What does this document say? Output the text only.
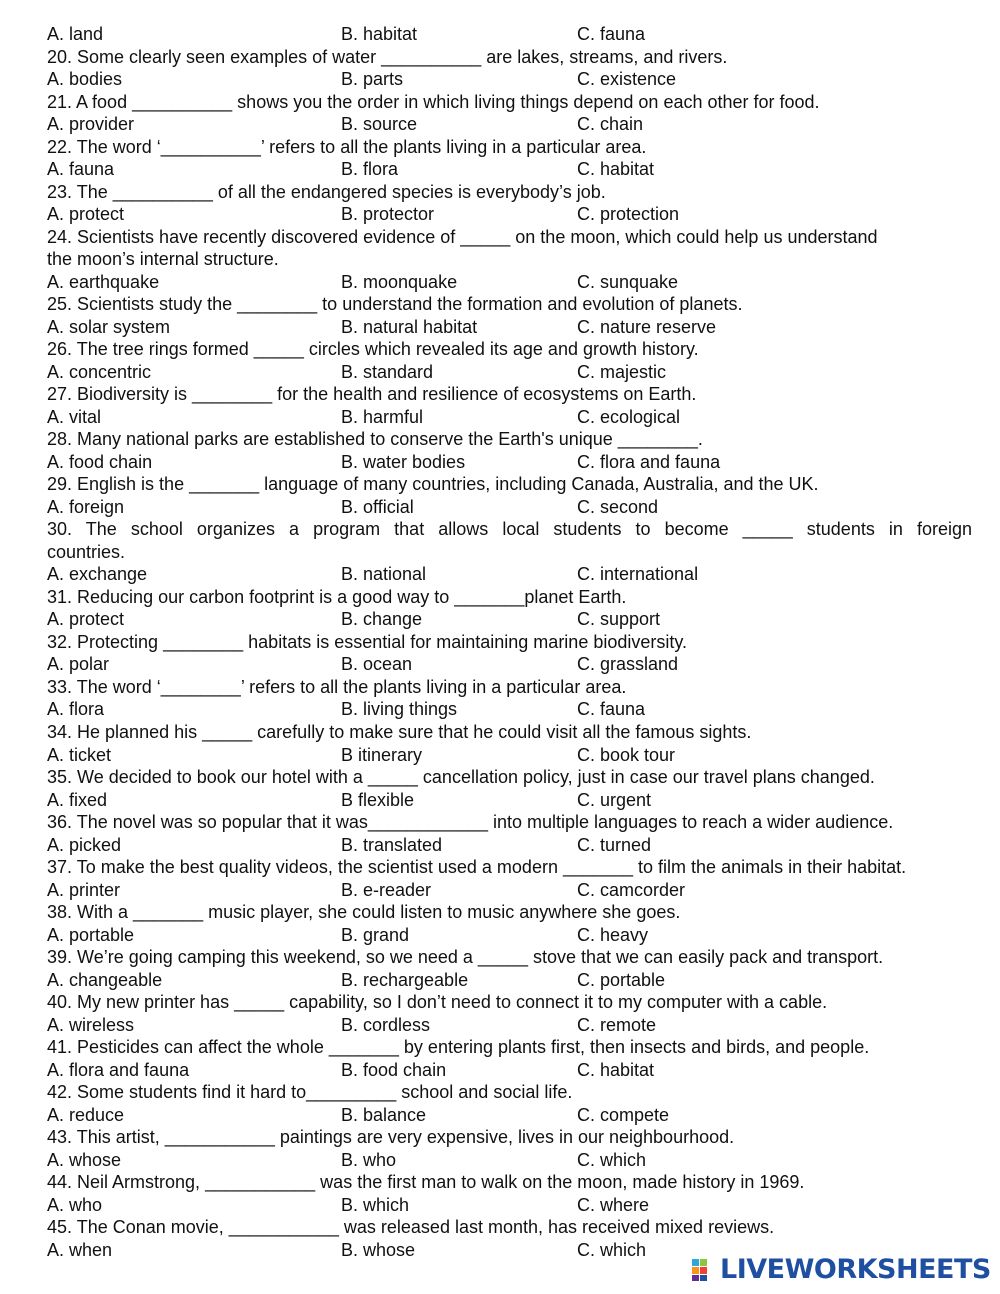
A. land	B. habitat	C. fauna
20. Some clearly seen examples of water __________ are lakes, streams, and rivers.
A. bodies	B. parts	C. existence
21. A food __________ shows you the order in which living things depend on each other for food.
A. provider	B. source	C. chain
22. The word ‘__________’ refers to all the plants living in a particular area.
A. fauna	B. flora	C. habitat
23. The __________ of all the endangered species is everybody’s job.
A. protect	B. protector	C. protection
24. Scientists have recently discovered evidence of _____ on the moon, which could help us understand
the moon’s internal structure.
A. earthquake	B. moonquake	C. sunquake
25. Scientists study the ________ to understand the formation and evolution of planets.
A. solar system	B. natural habitat	C. nature reserve
26. The tree rings formed _____ circles which revealed its age and growth history.
A. concentric	B. standard	C. majestic
27. Biodiversity is ________ for the health and resilience of ecosystems on Earth.
A. vital	B. harmful	C. ecological
28. Many national parks are established to conserve the Earth's unique ________.
A. food chain	B. water bodies	C. flora and fauna
29. English is the _______ language of many countries, including Canada, Australia, and the UK.
A. foreign	B. official	C. second
30. The school organizes a program that allows local students to become _____ students in foreign
countries.
A. exchange	B. national	C. international
31. Reducing our carbon footprint is a good way to _______planet Earth.
A. protect	B. change	C. support
32. Protecting ________ habitats is essential for maintaining marine biodiversity.
A. polar	B. ocean	C. grassland
33. The word ‘________’ refers to all the plants living in a particular area.
A. flora	B. living things	C. fauna
34. He planned his _____ carefully to make sure that he could visit all the famous sights.
A. ticket	B itinerary	C. book tour
35. We decided to book our hotel with a _____ cancellation policy, just in case our travel plans changed.
A. fixed	B flexible	C. urgent
36. The novel was so popular that it was____________ into multiple languages to reach a wider audience.
A. picked	B. translated	C. turned
37. To make the best quality videos, the scientist used a modern _______ to film the animals in their habitat.
A. printer	B. e-reader	C. camcorder
38. With a _______ music player, she could listen to music anywhere she goes.
A. portable	B. grand	C. heavy
39. We’re going camping this weekend, so we need a _____ stove that we can easily pack and transport.
A. changeable	B. rechargeable	C. portable
40. My new printer has _____ capability, so I don’t need to connect it to my computer with a cable.
A. wireless	B. cordless	C. remote
41. Pesticides can affect the whole _______ by entering plants first, then insects and birds, and people.
A. flora and fauna	B. food chain	C. habitat
42. Some students find it hard to_________ school and social life.
A. reduce	B. balance	C. compete
43. This artist, ___________ paintings are very expensive, lives in our neighbourhood.
A. whose	B. who	C. which
44. Neil Armstrong, ___________ was the first man to walk on the moon, made history in 1969.
A. who	B. which	C. where
45. The Conan movie, ___________ was released last month, has received mixed reviews.
A. when	B. whose	C. which
LIVEWORKSHEETS
